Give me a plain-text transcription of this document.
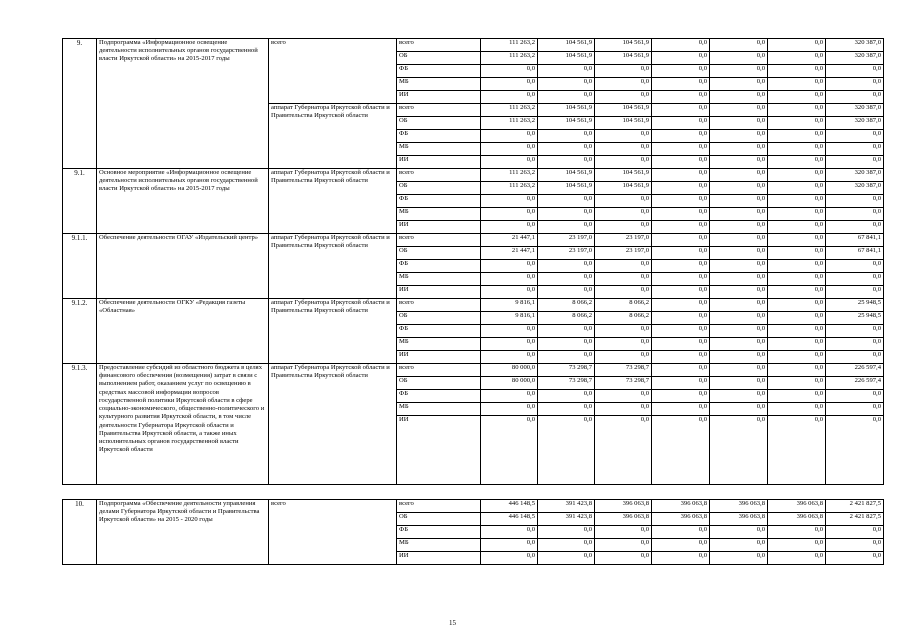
9.	Подпрограмма «Информационное освещение деятельности исполнительных органов государственной власти Иркутской области» на 2015-2017 годы	всего	всего	111 263,2	104 561,9	104 561,9	0,0	0,0	0,0	320 387,0
			ОБ	111 263,2	104 561,9	104 561,9	0,0	0,0	0,0	320 387,0
			ФБ	0,0	0,0	0,0	0,0	0,0	0,0	0,0
			МБ	0,0	0,0	0,0	0,0	0,0	0,0	0,0
			ИИ	0,0	0,0	0,0	0,0	0,0	0,0	0,0
		аппарат Губернатора Иркутской области и Правительства Иркутской области	всего	111 263,2	104 561,9	104 561,9	0,0	0,0	0,0	320 387,0
			ОБ	111 263,2	104 561,9	104 561,9	0,0	0,0	0,0	320 387,0
			ФБ	0,0	0,0	0,0	0,0	0,0	0,0	0,0
			МБ	0,0	0,0	0,0	0,0	0,0	0,0	0,0
			ИИ	0,0	0,0	0,0	0,0	0,0	0,0	0,0
9.1.	Основное мероприятие «Информационное освещение деятельности исполнительных органов государственной власти Иркутской области» на 2015-2017 годы	аппарат Губернатора Иркутской области и Правительства Иркутской области	всего	111 263,2	104 561,9	104 561,9	0,0	0,0	0,0	320 387,0
			ОБ	111 263,2	104 561,9	104 561,9	0,0	0,0	0,0	320 387,0
			ФБ	0,0	0,0	0,0	0,0	0,0	0,0	0,0
			МБ	0,0	0,0	0,0	0,0	0,0	0,0	0,0
			ИИ	0,0	0,0	0,0	0,0	0,0	0,0	0,0
9.1.1.	Обеспечение деятельности ОГАУ «Издательский центр»	аппарат Губернатора Иркутской области и Правительства Иркутской области	всего	21 447,1	23 197,0	23 197,0	0,0	0,0	0,0	67 841,1
			ОБ	21 447,1	23 197,0	23 197,0	0,0	0,0	0,0	67 841,1
			ФБ	0,0	0,0	0,0	0,0	0,0	0,0	0,0
			МБ	0,0	0,0	0,0	0,0	0,0	0,0	0,0
			ИИ	0,0	0,0	0,0	0,0	0,0	0,0	0,0
9.1.2.	Обеспечение деятельности ОГКУ «Редакция газеты «Областная»	аппарат Губернатора Иркутской области и Правительства Иркутской области	всего	9 816,1	8 066,2	8 066,2	0,0	0,0	0,0	25 948,5
			ОБ	9 816,1	8 066,2	8 066,2	0,0	0,0	0,0	25 948,5
			ФБ	0,0	0,0	0,0	0,0	0,0	0,0	0,0
			МБ	0,0	0,0	0,0	0,0	0,0	0,0	0,0
			ИИ	0,0	0,0	0,0	0,0	0,0	0,0	0,0
9.1.3.	Предоставление субсидий из областного бюджета в целях финансового обеспечения (возмещения) затрат в связи с выполнением работ, оказанием услуг по освещению в средствах массовой информации вопросов государственной политики Иркутской области в сфере социально-экономического, общественно-политического и культурного развития Иркутской области, в том числе деятельности Губернатора Иркутской области и Правительства Иркутской области, а также иных исполнительных органов государственной власти Иркутской области	аппарат Губернатора Иркутской области и Правительства Иркутской области	всего	80 000,0	73 298,7	73 298,7	0,0	0,0	0,0	226 597,4
			ОБ	80 000,0	73 298,7	73 298,7	0,0	0,0	0,0	226 597,4
			ФБ	0,0	0,0	0,0	0,0	0,0	0,0	0,0
			МБ	0,0	0,0	0,0	0,0	0,0	0,0	0,0
			ИИ	0,0	0,0	0,0	0,0	0,0	0,0	0,0

10.	Подпрограмма «Обеспечение деятельности управления делами Губернатора Иркутской области и Правительства Иркутской области» на 2015 - 2020 годы	всего	всего	446 148,5	391 423,8	396 063,8	396 063,8	396 063,8	396 063,8	2 421 827,5
			ОБ	446 148,5	391 423,8	396 063,8	396 063,8	396 063,8	396 063,8	2 421 827,5
			ФБ	0,0	0,0	0,0	0,0	0,0	0,0	0,0
			МБ	0,0	0,0	0,0	0,0	0,0	0,0	0,0
			ИИ	0,0	0,0	0,0	0,0	0,0	0,0	0,0
15
